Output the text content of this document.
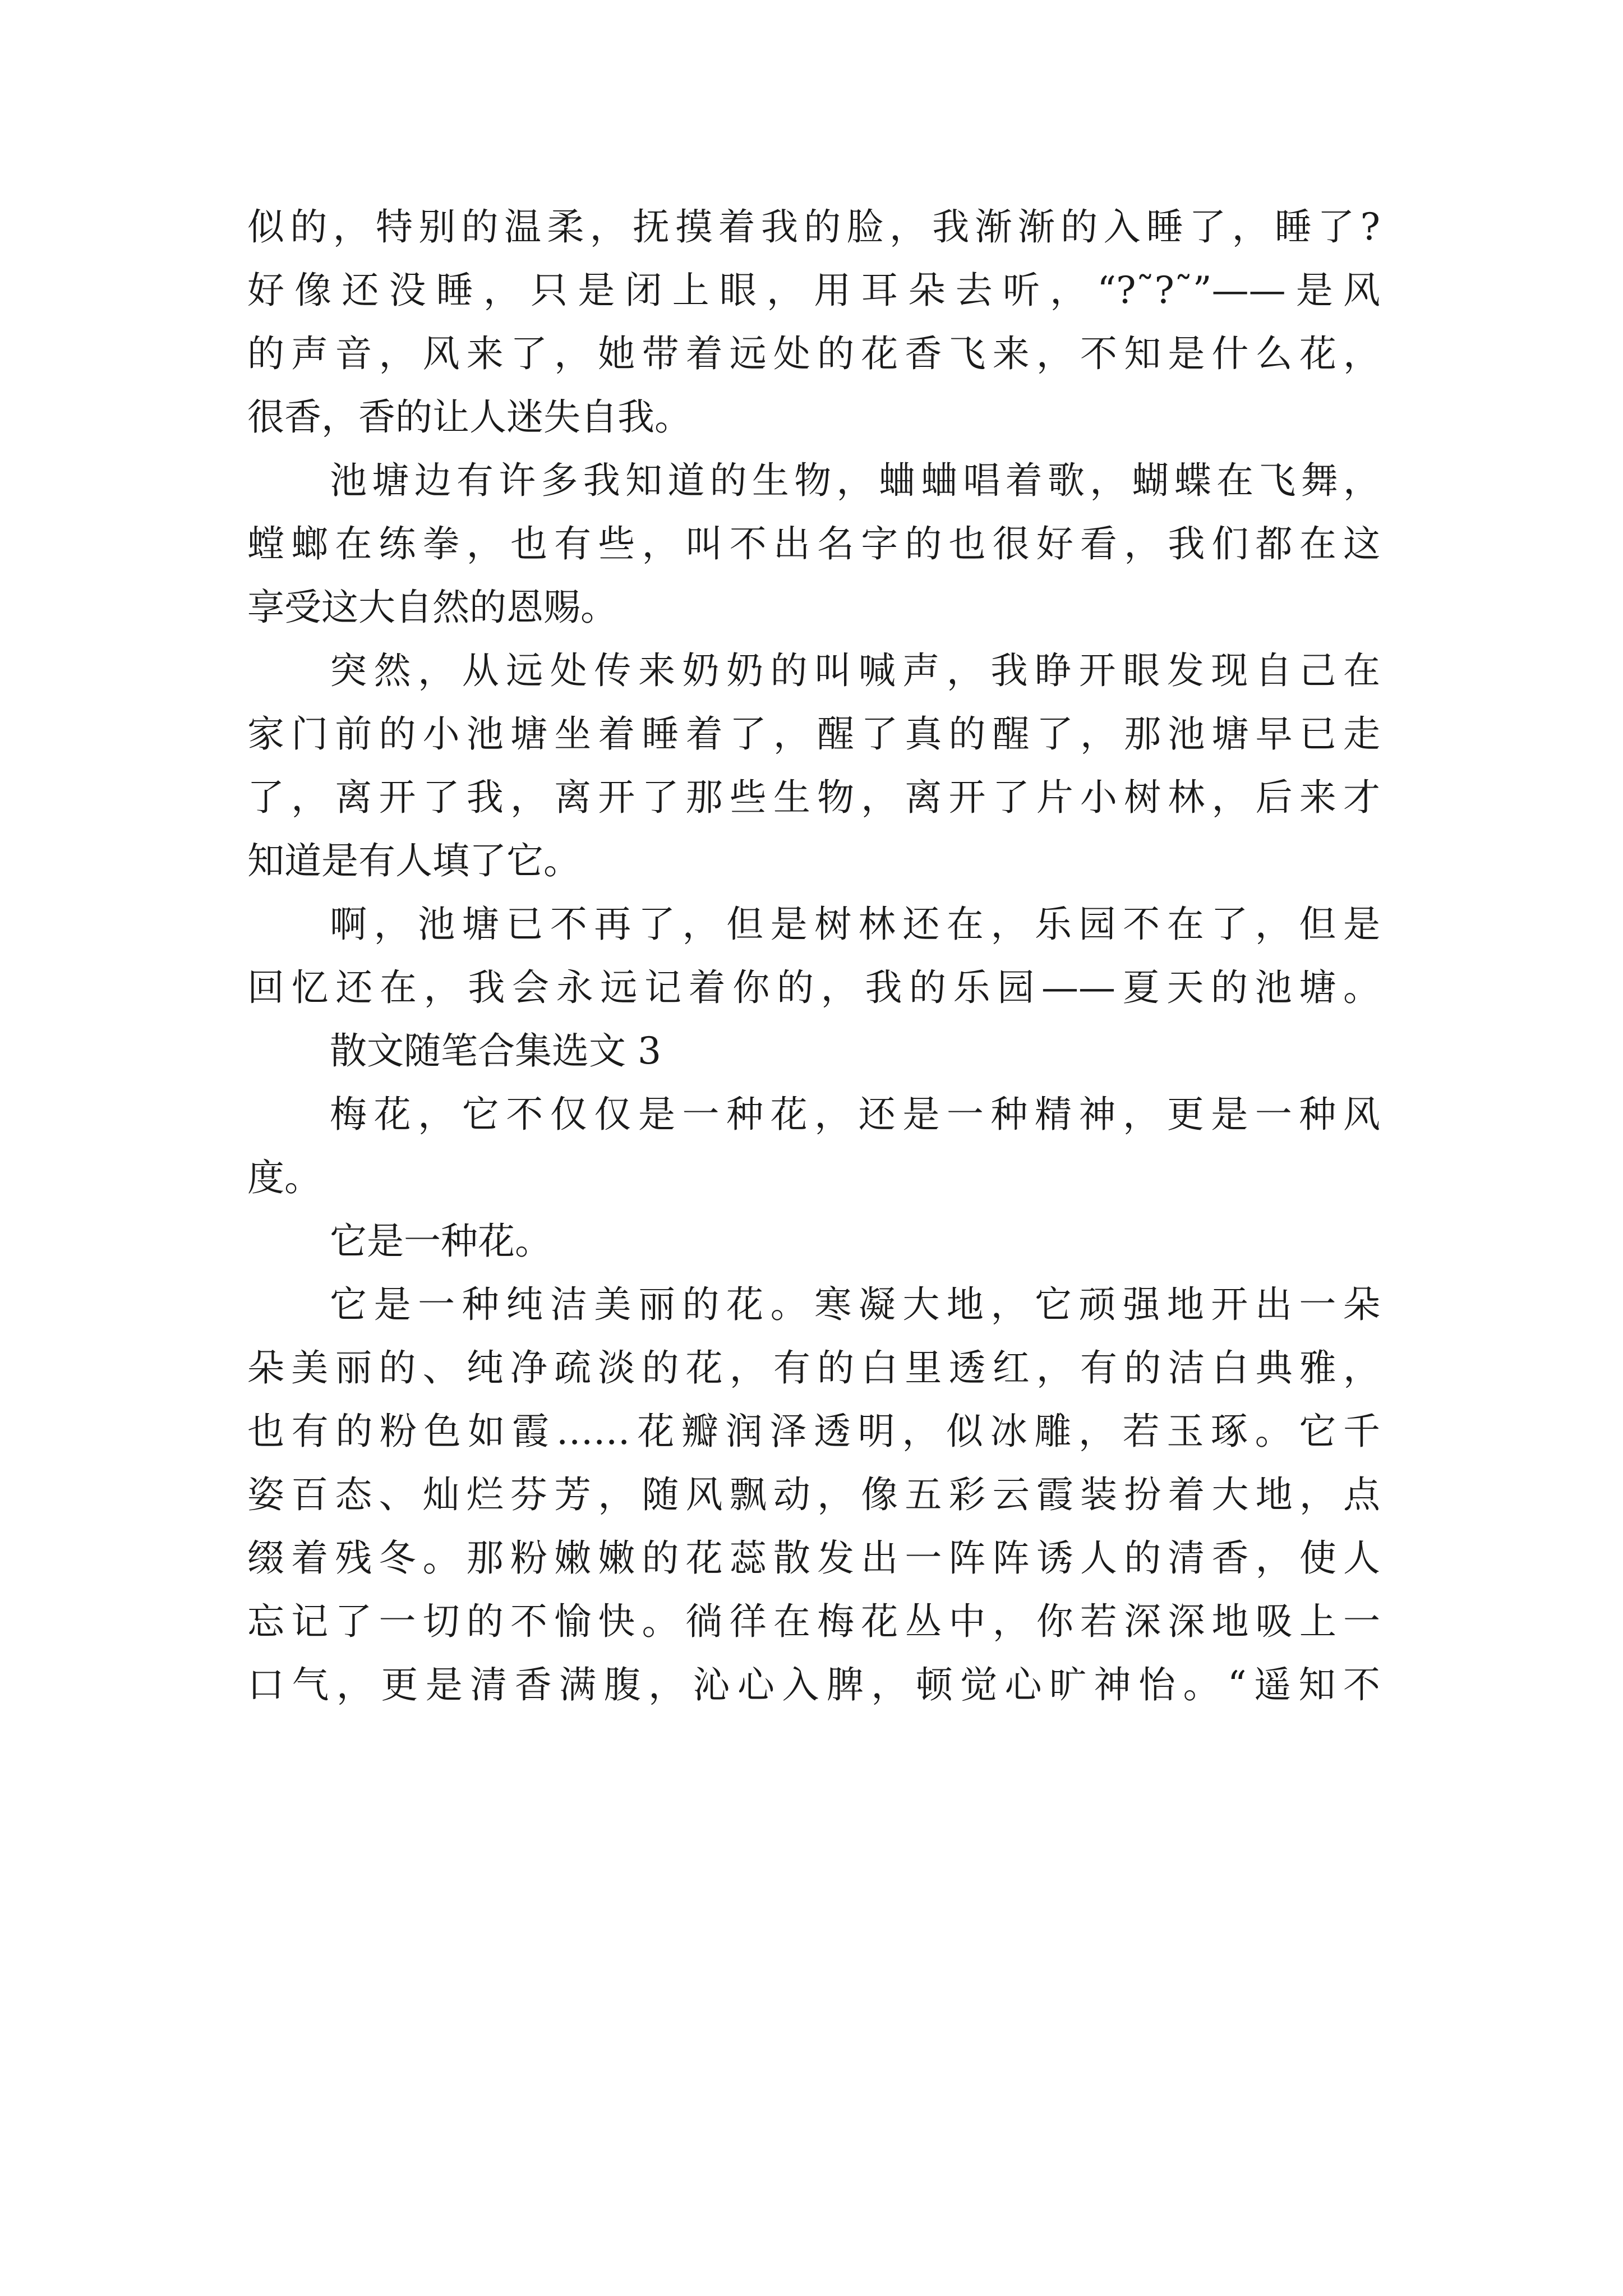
似的，特别的温柔，抚摸着我的脸，我渐渐的入睡了，睡了?
好像还没睡，只是闭上眼，用耳朵去听，“?˜?˜”——是风
的声音，风来了，她带着远处的花香飞来，不知是什么花，
很香，香的让人迷失自我。
池塘边有许多我知道的生物，蛐蛐唱着歌，蝴蝶在飞舞，
螳螂在练拳，也有些，叫不出名字的也很好看，我们都在这
享受这大自然的恩赐。
突然，从远处传来奶奶的叫喊声，我睁开眼发现自己在
家门前的小池塘坐着睡着了，醒了真的醒了，那池塘早已走
了，离开了我，离开了那些生物，离开了片小树林，后来才
知道是有人填了它。
啊，池塘已不再了，但是树林还在，乐园不在了，但是
回忆还在，我会永远记着你的，我的乐园——夏天的池塘。
散文随笔合集选文 3
梅花，它不仅仅是一种花，还是一种精神，更是一种风
度。
它是一种花。
它是一种纯洁美丽的花。寒凝大地，它顽强地开出一朵
朵美丽的、纯净疏淡的花，有的白里透红，有的洁白典雅，
也有的粉色如霞……花瓣润泽透明，似冰雕，若玉琢。它千
姿百态、灿烂芬芳，随风飘动，像五彩云霞装扮着大地，点
缀着残冬。那粉嫩嫩的花蕊散发出一阵阵诱人的清香，使人
忘记了一切的不愉快。徜徉在梅花丛中，你若深深地吸上一
口气，更是清香满腹，沁心入脾，顿觉心旷神怡。“遥知不
